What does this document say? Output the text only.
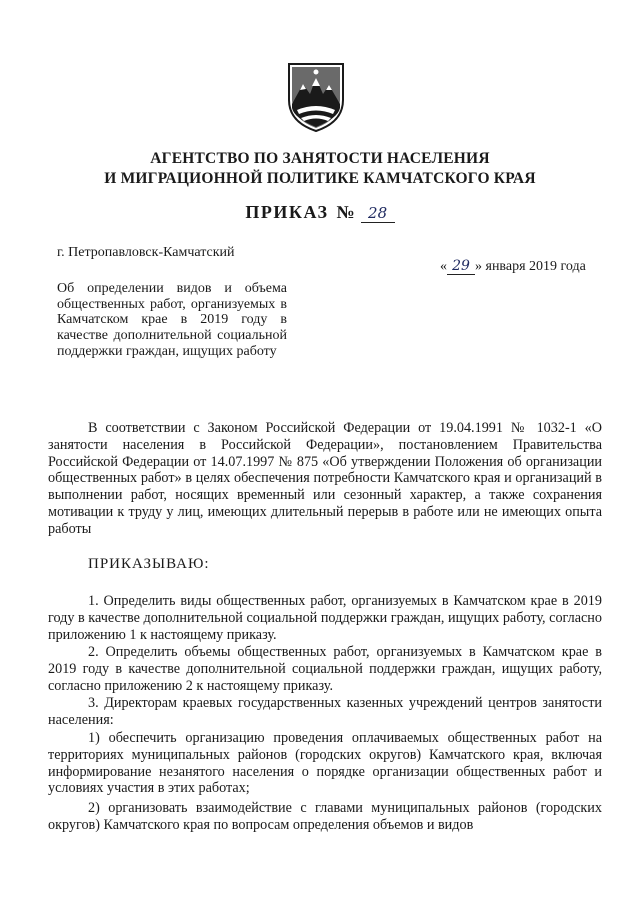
АГЕНТСТВО ПО ЗАНЯТОСТИ НАСЕЛЕНИЯ
И МИГРАЦИОННОЙ ПОЛИТИКЕ КАМЧАТСКОГО КРАЯ
ПРИКАЗ № 28
г. Петропавловск-Камчатский
« 29 » января 2019 года
Об определении видов и объема общественных работ, организуемых в Камчатском крае в 2019 году в качестве дополнительной социальной поддержки граждан, ищущих работу
В соответствии с Законом Российской Федерации от 19.04.1991 № 1032-1 «О занятости населения в Российской Федерации», постановлением Правительства Российской Федерации от 14.07.1997 № 875 «Об утверждении Положения об организации общественных работ» в целях обеспечения потребности Камчатского края и организаций в выполнении работ, носящих временный или сезонный характер, а также сохранения мотивации к труду у лиц, имеющих длительный перерыв в работе или не имеющих опыта работы
ПРИКАЗЫВАЮ:
1. Определить виды общественных работ, организуемых в Камчатском крае в 2019 году в качестве дополнительной социальной поддержки граждан, ищущих работу, согласно приложению 1 к настоящему приказу.
2. Определить объемы общественных работ, организуемых в Камчатском крае в 2019 году в качестве дополнительной социальной поддержки граждан, ищущих работу, согласно приложению 2 к настоящему приказу.
3. Директорам краевых государственных казенных учреждений центров занятости населения:
1) обеспечить организацию проведения оплачиваемых общественных работ на территориях муниципальных районов (городских округов) Камчатского края, включая информирование незанятого населения о порядке организации общественных работ и условиях участия в этих работах;
2) организовать взаимодействие с главами муниципальных районов (городских округов) Камчатского края по вопросам определения объемов и видов
